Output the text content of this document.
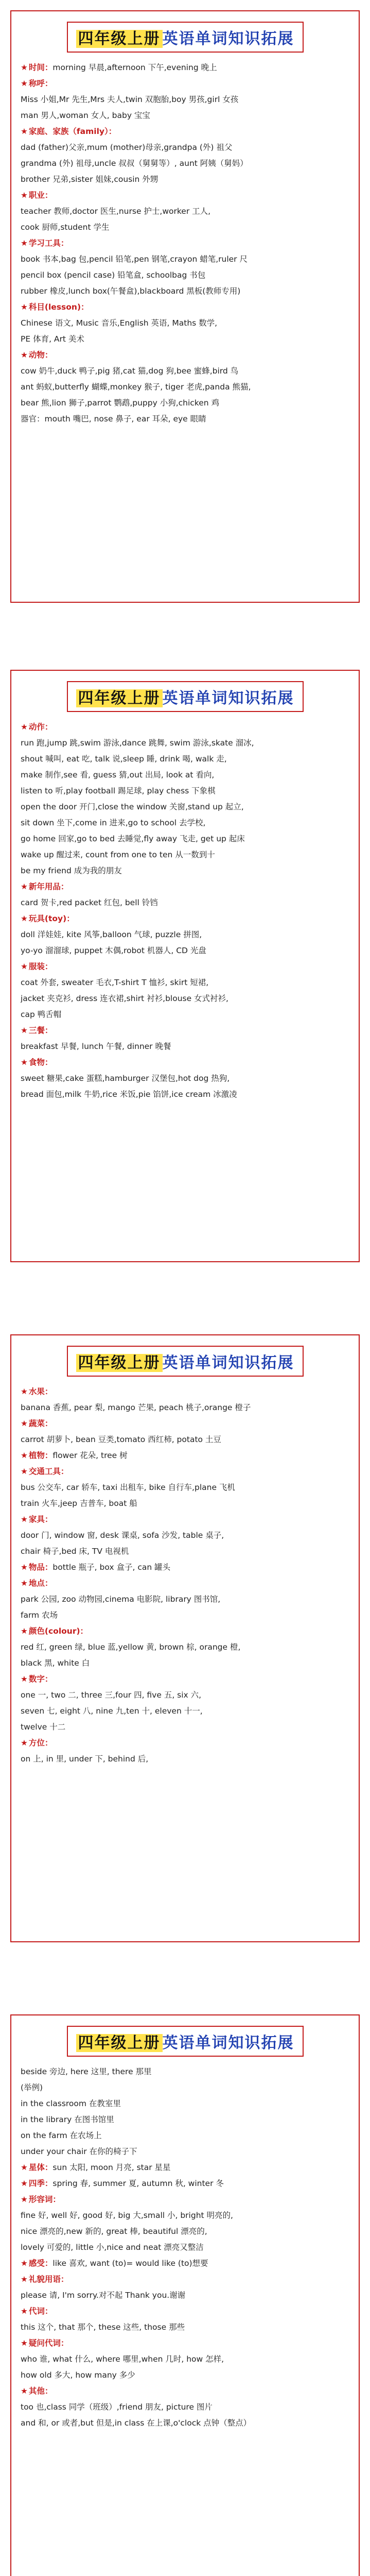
四年级上册 英语单词知识拓展
★ 时间：morning 早晨,afternoon 下午,evening 晚上
★ 称呼：
Miss 小姐,Mr 先生,Mrs 夫人,twin 双胞胎,boy 男孩,girl 女孩
man 男人,woman 女人, baby 宝宝
★ 家庭、家族（family）：
dad (father)父亲,mum (mother)母亲,grandpa (外) 祖父
grandma (外) 祖母,uncle 叔叔（舅舅等）, aunt 阿姨（舅妈）
brother 兄弟,sister 姐妹,cousin 外甥
★ 职业：
teacher 教师,doctor 医生,nurse 护士,worker 工人,
cook 厨师,student 学生
★ 学习工具：
book 书本,bag 包,pencil 铅笔,pen 钢笔,crayon 蜡笔,ruler 尺
pencil box (pencil case) 铅笔盒, schoolbag 书包
rubber 橡皮,lunch box(午餐盒),blackboard 黑板(教师专用)
★ 科目(lesson)：
Chinese 语文, Music 音乐,English 英语, Maths 数学,
PE 体育, Art 美术
★ 动物：
cow 奶牛,duck 鸭子,pig 猪,cat 猫,dog 狗,bee 蜜蜂,bird 鸟
ant 蚂蚁,butterfly 蝴蝶,monkey 猴子, tiger 老虎,panda 熊猫,
bear 熊,lion 狮子,parrot 鹦鹉,puppy 小狗,chicken 鸡
器官：mouth 嘴巴, nose 鼻子, ear 耳朵, eye 眼睛
四年级上册 英语单词知识拓展
★ 动作：
run 跑,jump 跳,swim 游泳,dance 跳舞, swim 游泳,skate 溜冰,
shout 喊叫, eat 吃, talk 说,sleep 睡, drink 喝, walk 走,
make 制作,see 看, guess 猜,out 出局, look at 看向,
listen to 听,play football 踢足球, play chess 下象棋
open the door 开门,close the window 关窗,stand up 起立,
sit down 坐下,come in 进来,go to school 去学校,
go home 回家,go to bed 去睡觉,fly away 飞走, get up 起床
wake up 醒过来, count from one to ten 从一数到十
be my friend 成为我的朋友
★ 新年用品：
card 贺卡,red packet 红包, bell 铃铛
★ 玩具(toy)：
doll 洋娃娃, kite 风筝,balloon 气球, puzzle 拼图,
yo-yo 溜溜球, puppet 木偶,robot 机器人, CD 光盘
★ 服装：
coat 外套, sweater 毛衣,T-shirt T 恤衫, skirt 短裙,
jacket 夹克衫, dress 连衣裙,shirt 衬衫,blouse 女式衬衫,
cap 鸭舌帽
★ 三餐：
breakfast 早餐, lunch 午餐, dinner 晚餐
★ 食物：
sweet 糖果,cake 蛋糕,hamburger 汉堡包,hot dog 热狗,
bread 面包,milk 牛奶,rice 米饭,pie 馅饼,ice cream 冰激凌
四年级上册 英语单词知识拓展
★ 水果：
banana 香蕉, pear 梨, mango 芒果, peach 桃子,orange 橙子
★ 蔬菜：
carrot 胡萝卜, bean 豆类,tomato 西红柿, potato 土豆
★ 植物：flower 花朵, tree 树
★ 交通工具：
bus 公交车, car 轿车, taxi 出租车, bike 自行车,plane 飞机
train 火车,jeep 吉普车, boat 船
★ 家具：
door 门, window 窗, desk 课桌, sofa 沙发, table 桌子,
chair 椅子,bed 床, TV 电视机
★ 物品：bottle 瓶子, box 盒子, can 罐头
★ 地点：
park 公园, zoo 动物园,cinema 电影院, library 图书馆,
farm 农场
★ 颜色(colour)：
red 红, green 绿, blue 蓝,yellow 黄, brown 棕, orange 橙,
black 黑, white 白
★ 数字：
one 一, two 二, three 三,four 四, five 五, six 六,
seven 七, eight 八, nine 九,ten 十, eleven 十一,
twelve 十二
★ 方位：
on 上, in 里, under 下, behind 后,
四年级上册 英语单词知识拓展
beside 旁边, here 这里, there 那里
(举例)
in the classroom 在教室里
in the library 在图书馆里
on the farm 在农场上
under your chair 在你的椅子下
★ 星体：sun 太阳, moon 月亮, star 星星
★ 四季：spring 春, summer 夏, autumn 秋, winter 冬
★ 形容词：
fine 好, well 好, good 好, big 大,small 小, bright 明亮的,
nice 漂亮的,new 新的, great 棒, beautiful 漂亮的,
lovely 可爱的, little 小,nice and neat 漂亮又整洁
★ 感受：like 喜欢, want (to)= would like (to)想要
★ 礼貌用语：
please 请, I'm sorry.对不起 Thank you.谢谢
★ 代词：
this 这个, that 那个, these 这些, those 那些
★ 疑问代词：
who 谁, what 什么, where 哪里,when 几时, how 怎样,
how old 多大, how many 多少
★ 其他：
too 也,class 同学（班级）,friend 朋友, picture 图片
and 和, or 或者,but 但是,in class 在上课,o'clock 点钟（整点）
